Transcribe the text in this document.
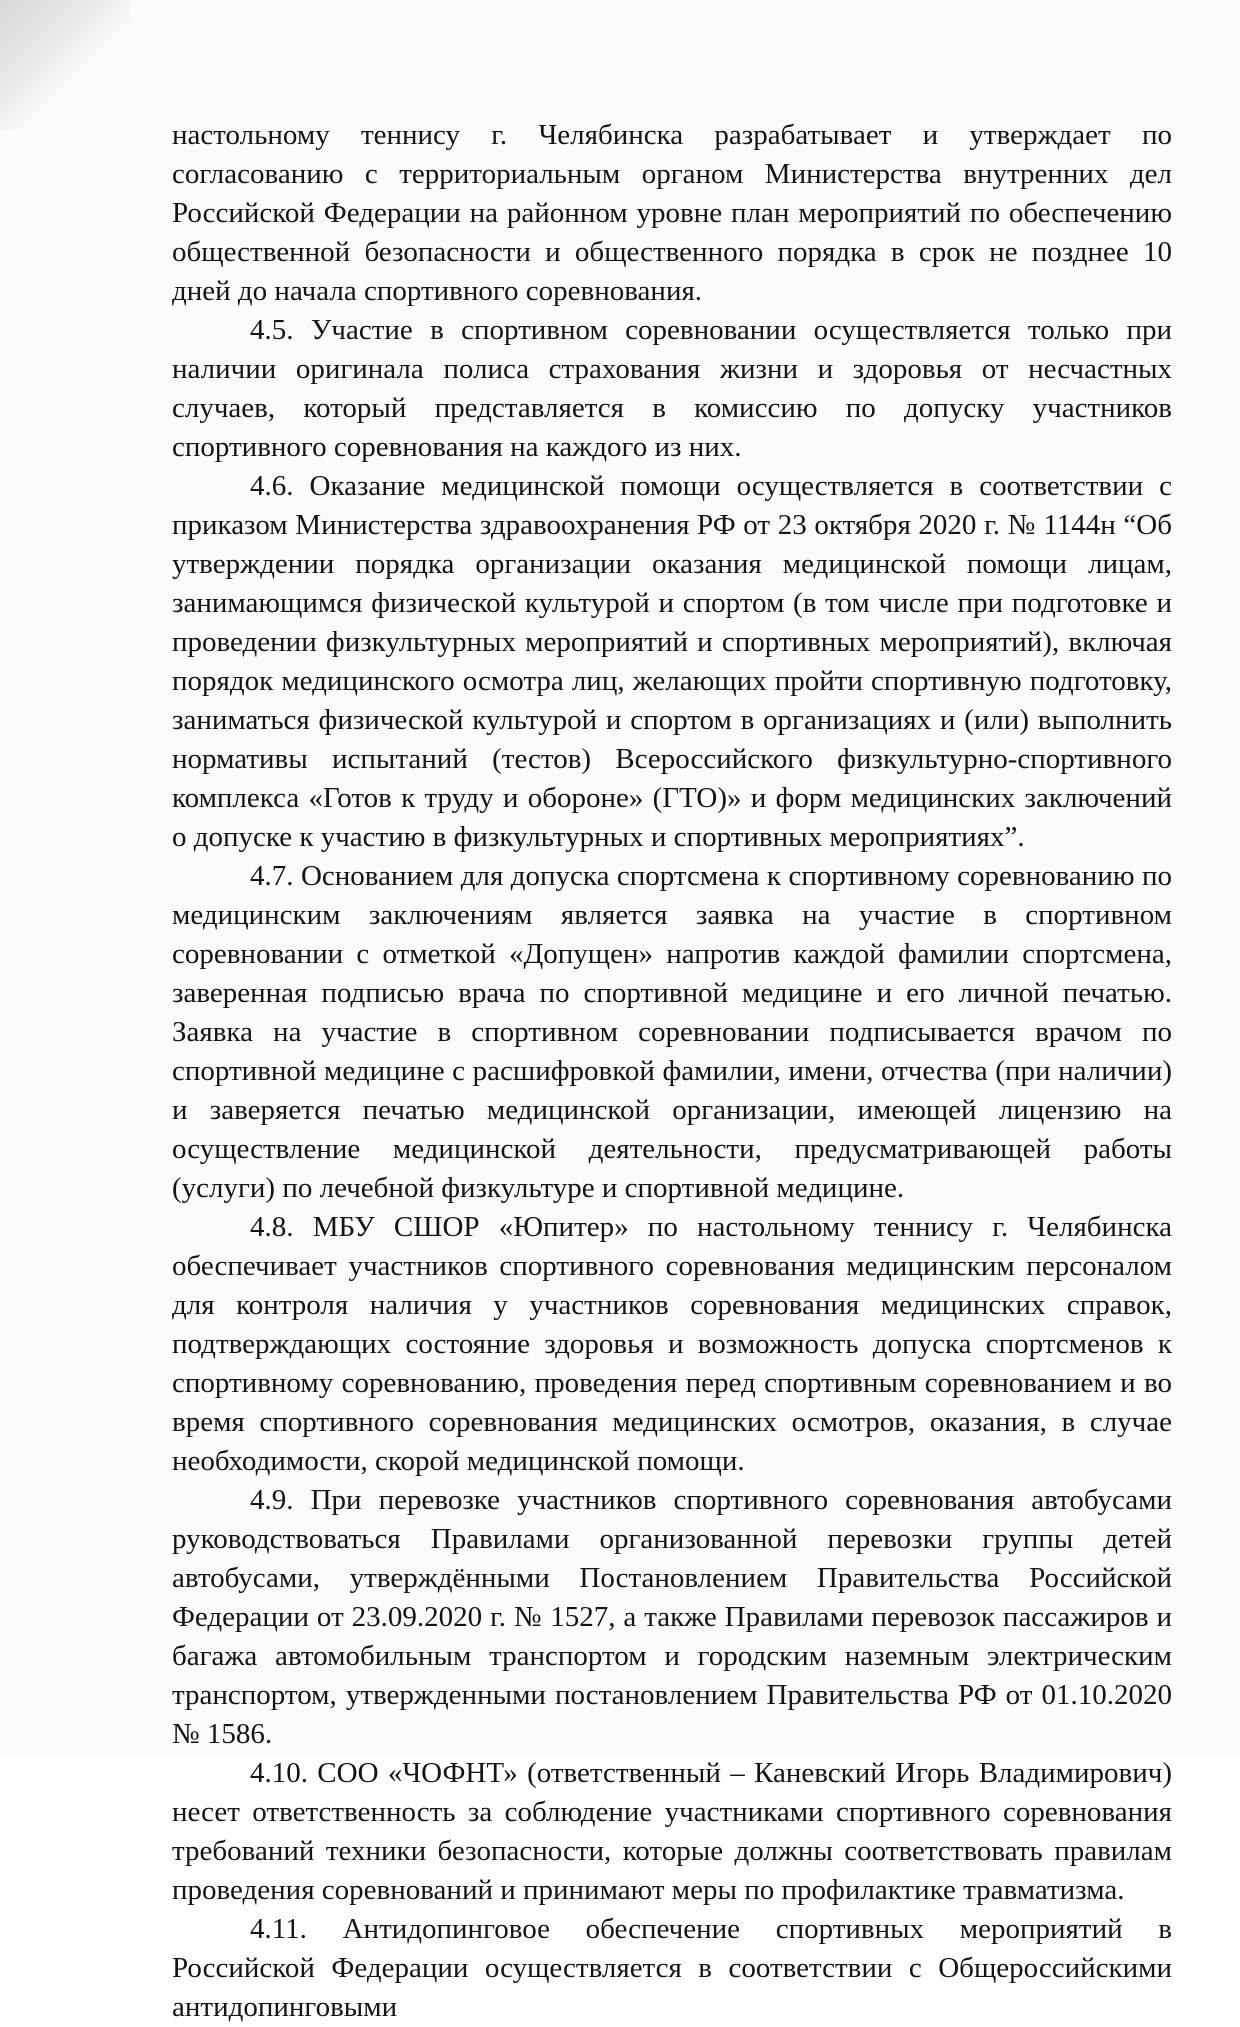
настольному теннису г. Челябинска разрабатывает и утверждает по согласованию с территориальным органом Министерства внутренних дел Российской Федерации на районном уровне план мероприятий по обеспечению общественной безопасности и общественного порядка в срок не позднее 10 дней до начала спортивного соревнования.

4.5. Участие в спортивном соревновании осуществляется только при наличии оригинала полиса страхования жизни и здоровья от несчастных случаев, который представляется в комиссию по допуску участников спортивного соревнования на каждого из них.

4.6. Оказание медицинской помощи осуществляется в соответствии с приказом Министерства здравоохранения РФ от 23 октября 2020 г. № 1144н “Об утверждении порядка организации оказания медицинской помощи лицам, занимающимся физической культурой и спортом (в том числе при подготовке и проведении физкультурных мероприятий и спортивных мероприятий), включая порядок медицинского осмотра лиц, желающих пройти спортивную подготовку, заниматься физической культурой и спортом в организациях и (или) выполнить нормативы испытаний (тестов) Всероссийского физкультурно-спортивного комплекса «Готов к труду и обороне» (ГТО)» и форм медицинских заключений о допуске к участию в физкультурных и спортивных мероприятиях”.

4.7. Основанием для допуска спортсмена к спортивному соревнованию по медицинским заключениям является заявка на участие в спортивном соревновании с отметкой «Допущен» напротив каждой фамилии спортсмена, заверенная подписью врача по спортивной медицине и его личной печатью. Заявка на участие в спортивном соревновании подписывается врачом по спортивной медицине с расшифровкой фамилии, имени, отчества (при наличии) и заверяется печатью медицинской организации, имеющей лицензию на осуществление медицинской деятельности, предусматривающей работы (услуги) по лечебной физкультуре и спортивной медицине.

4.8. МБУ СШОР «Юпитер» по настольному теннису г. Челябинска обеспечивает участников спортивного соревнования медицинским персоналом для контроля наличия у участников соревнования медицинских справок, подтверждающих состояние здоровья и возможность допуска спортсменов к спортивному соревнованию, проведения перед спортивным соревнованием и во время спортивного соревнования медицинских осмотров, оказания, в случае необходимости, скорой медицинской помощи.

4.9. При перевозке участников спортивного соревнования автобусами руководствоваться Правилами организованной перевозки группы детей автобусами, утверждёнными Постановлением Правительства Российской Федерации от 23.09.2020 г. № 1527, а также Правилами перевозок пассажиров и багажа автомобильным транспортом и городским наземным электрическим транспортом, утвержденными постановлением Правительства РФ от 01.10.2020 № 1586.

4.10. СОО «ЧОФНТ» (ответственный – Каневский Игорь Владимирович) несет ответственность за соблюдение участниками спортивного соревнования требований техники безопасности, которые должны соответствовать правилам проведения соревнований и принимают меры по профилактике травматизма.

4.11. Антидопинговое обеспечение спортивных мероприятий в Российской Федерации осуществляется в соответствии с Общероссийскими антидопинговыми
